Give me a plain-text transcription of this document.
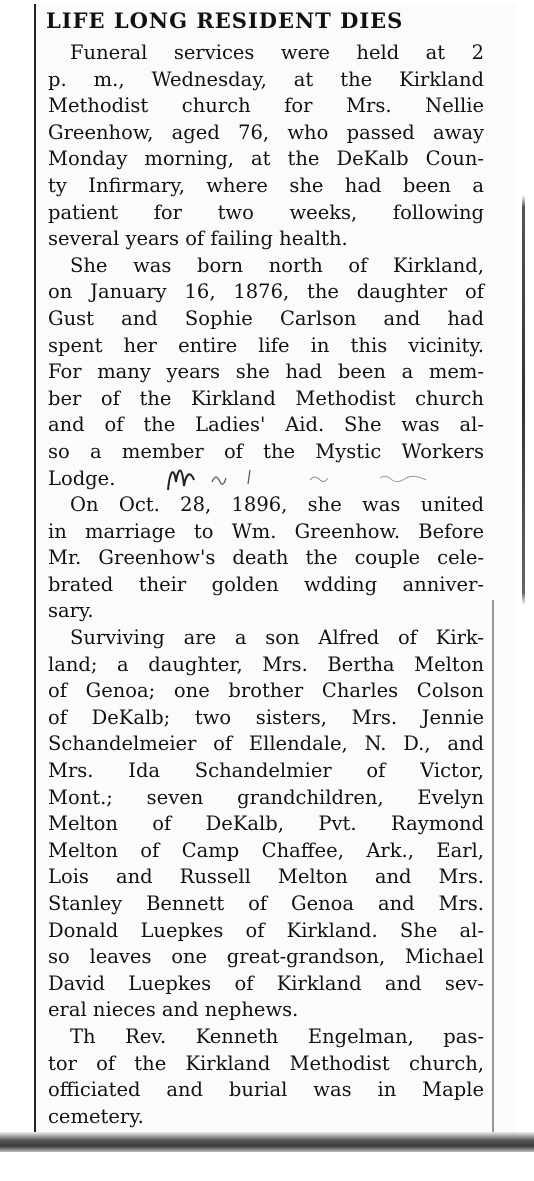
LIFE LONG RESIDENT DIES
Funeral services were held at 2
p. m., Wednesday, at the Kirkland
Methodist church for Mrs. Nellie
Greenhow, aged 76, who passed away
Monday morning, at the DeKalb Coun-
ty Infirmary, where she had been a
patient for two weeks, following
several years of failing health.
She was born north of Kirkland,
on January 16, 1876, the daughter of
Gust and Sophie Carlson and had
spent her entire life in this vicinity.
For many years she had been a mem-
ber of the Kirkland Methodist church
and of the Ladies' Aid. She was al-
so a member of the Mystic Workers
Lodge.
On Oct. 28, 1896, she was united
in marriage to Wm. Greenhow. Before
Mr. Greenhow's death the couple cele-
brated their golden wdding anniver-
sary.
Surviving are a son Alfred of Kirk-
land; a daughter, Mrs. Bertha Melton
of Genoa; one brother Charles Colson
of DeKalb; two sisters, Mrs. Jennie
Schandelmeier of Ellendale, N. D., and
Mrs. Ida Schandelmier of Victor,
Mont.; seven grandchildren, Evelyn
Melton of DeKalb, Pvt. Raymond
Melton of Camp Chaffee, Ark., Earl,
Lois and Russell Melton and Mrs.
Stanley Bennett of Genoa and Mrs.
Donald Luepkes of Kirkland. She al-
so leaves one great-grandson, Michael
David Luepkes of Kirkland and sev-
eral nieces and nephews.
Th Rev. Kenneth Engelman, pas-
tor of the Kirkland Methodist church,
officiated and burial was in Maple
cemetery.
